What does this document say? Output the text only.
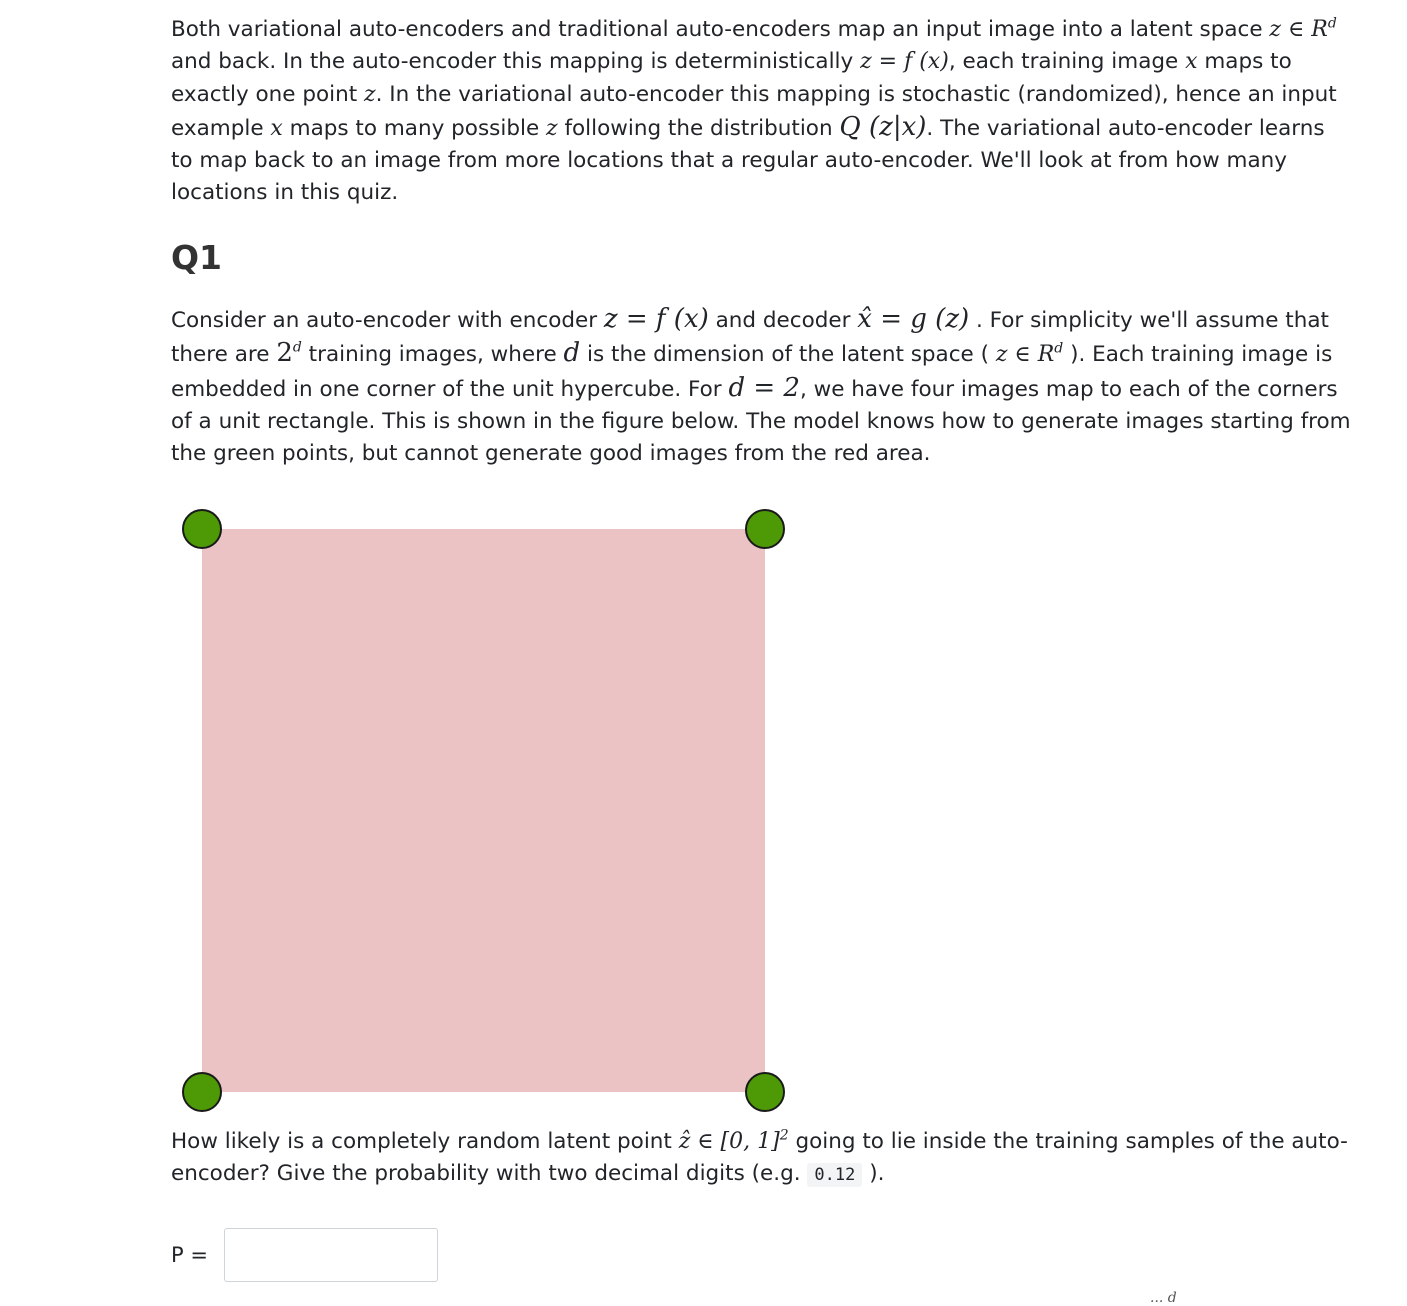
Both variational auto-encoders and traditional auto-encoders map an input image into a latent space z ∈ $R^d$ and back. In the auto-encoder this mapping is deterministically z = f (x), each training image x maps to exactly one point z. In the variational auto-encoder this mapping is stochastic (randomized), hence an input example x maps to many possible z following the distribution Q (z|x). The variational auto-encoder learns to map back to an image from more locations that a regular auto-encoder. We'll look at from how many locations in this quiz.

Q1

Consider an auto-encoder with encoder z = f (x) and decoder x̂ = g (z) . For simplicity we'll assume that there are 2$^d$ training images, where d is the dimension of the latent space ( z ∈ $R^d$ ). Each training image is embedded in one corner of the unit hypercube. For d = 2, we have four images map to each of the corners of a unit rectangle. This is shown in the figure below. The model knows how to generate images starting from the green points, but cannot generate good images from the red area.

How likely is a completely random latent point ẑ ∈ [0, 1]$^2$ going to lie inside the training samples of the auto-encoder? Give the probability with two decimal digits (e.g. 0.12 ).

P =
... d
